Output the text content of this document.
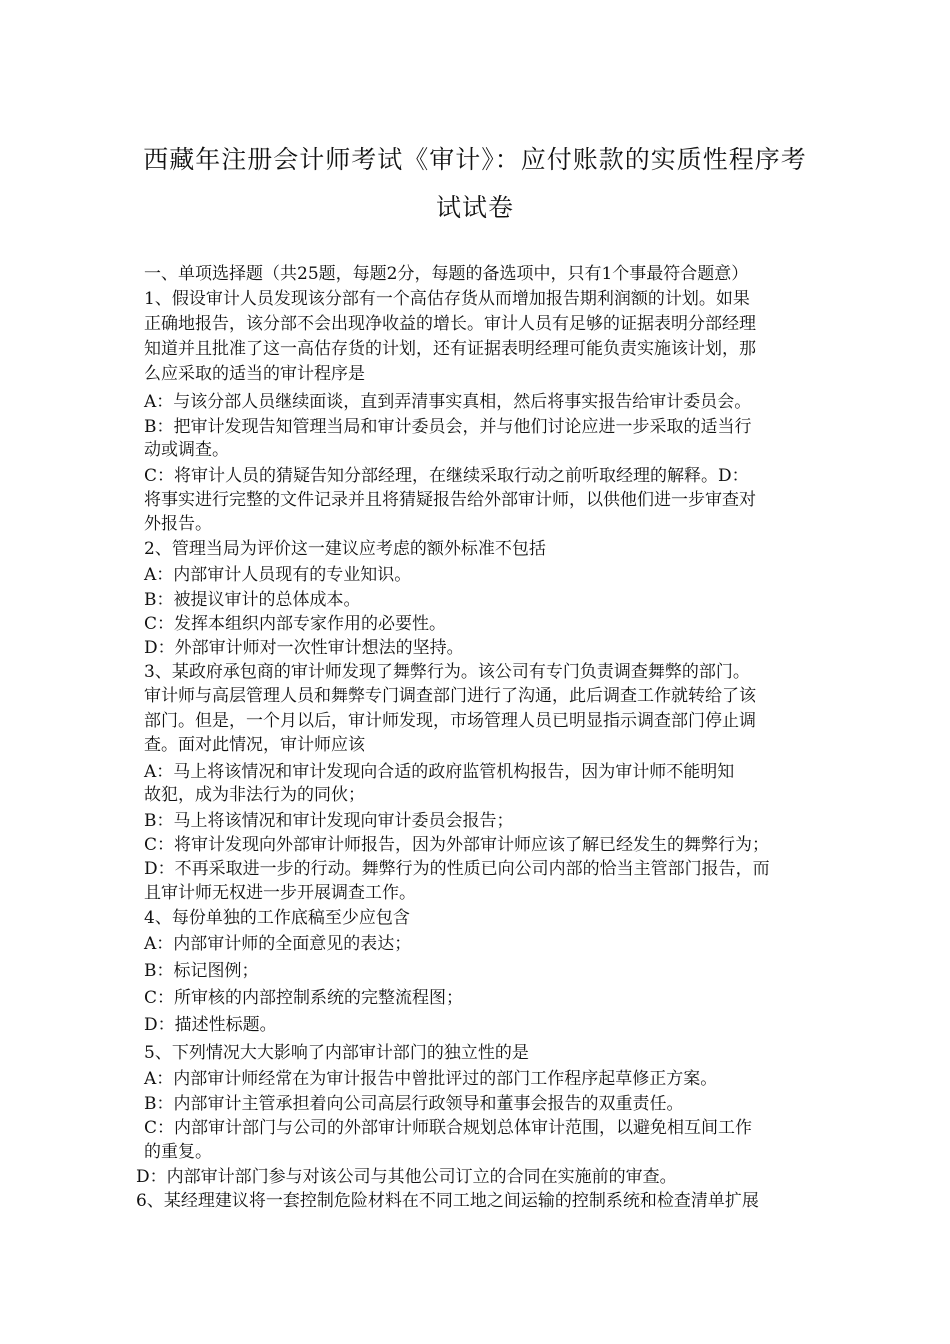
西藏年注册会计师考试《审计》：应付账款的实质性程序考
试试卷
一、单项选择题（共25题，每题2分，每题的备选项中，只有1个事最符合题意）
1、假设审计人员发现该分部有一个高估存货从而增加报告期利润额的计划。如果
正确地报告，该分部不会出现净收益的增长。审计人员有足够的证据表明分部经理
知道并且批准了这一高估存货的计划，还有证据表明经理可能负责实施该计划，那
么应采取的适当的审计程序是
A：与该分部人员继续面谈，直到弄清事实真相，然后将事实报告给审计委员会。
B：把审计发现告知管理当局和审计委员会，并与他们讨论应进一步采取的适当行
动或调查。
C：将审计人员的猜疑告知分部经理，在继续采取行动之前听取经理的解释。D：
将事实进行完整的文件记录并且将猜疑报告给外部审计师，以供他们进一步审查对
外报告。
2、管理当局为评价这一建议应考虑的额外标准不包括
A：内部审计人员现有的专业知识。
B：被提议审计的总体成本。
C：发挥本组织内部专家作用的必要性。
D：外部审计师对一次性审计想法的坚持。
3、某政府承包商的审计师发现了舞弊行为。该公司有专门负责调查舞弊的部门。
审计师与高层管理人员和舞弊专门调查部门进行了沟通，此后调查工作就转给了该
部门。但是，一个月以后，审计师发现，市场管理人员已明显指示调查部门停止调
查。面对此情况，审计师应该
A：马上将该情况和审计发现向合适的政府监管机构报告，因为审计师不能明知
故犯，成为非法行为的同伙；
B：马上将该情况和审计发现向审计委员会报告；
C：将审计发现向外部审计师报告，因为外部审计师应该了解已经发生的舞弊行为；
D：不再采取进一步的行动。舞弊行为的性质已向公司内部的恰当主管部门报告，而
且审计师无权进一步开展调查工作。
4、每份单独的工作底稿至少应包含
A：内部审计师的全面意见的表达；
B：标记图例；
C：所审核的内部控制系统的完整流程图；
D：描述性标题。
5、下列情况大大影响了内部审计部门的独立性的是
A：内部审计师经常在为审计报告中曾批评过的部门工作程序起草修正方案。
B：内部审计主管承担着向公司高层行政领导和董事会报告的双重责任。
C：内部审计部门与公司的外部审计师联合规划总体审计范围，以避免相互间工作
的重复。
D：内部审计部门参与对该公司与其他公司订立的合同在实施前的审查。
6、某经理建议将一套控制危险材料在不同工地之间运输的控制系统和检查清单扩展
